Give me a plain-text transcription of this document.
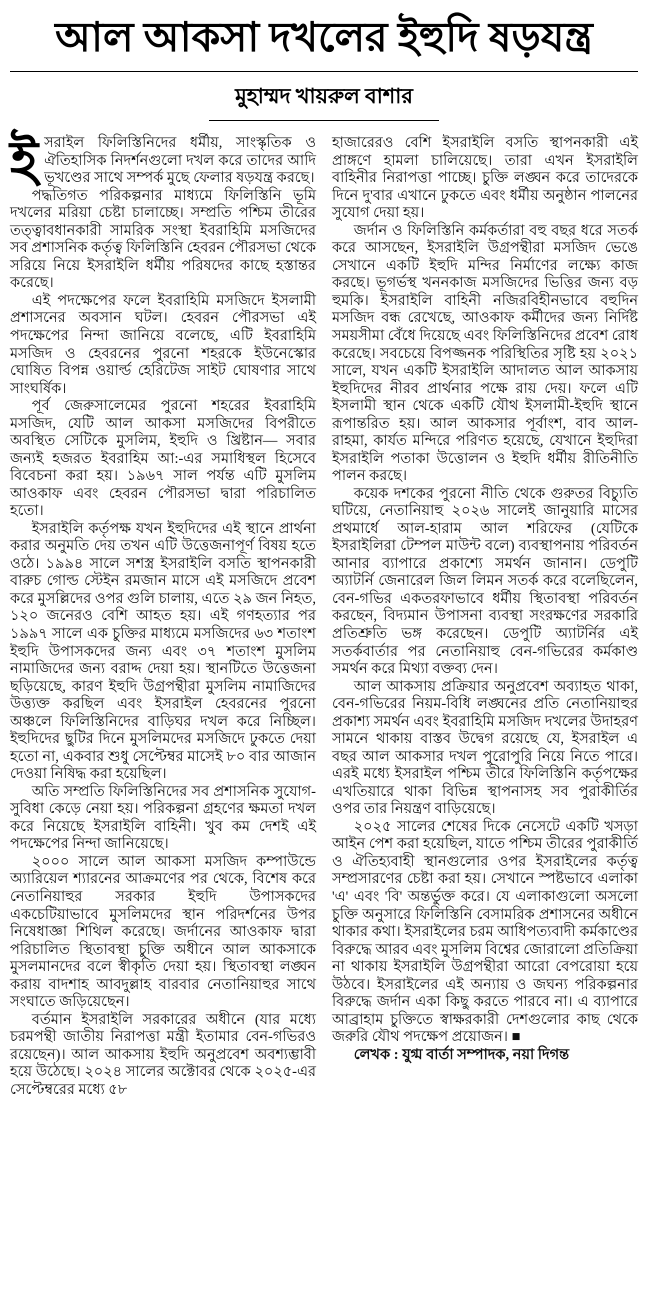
আল আকসা দখলের ইহুদি ষড়যন্ত্র
মুহাম্মদ খায়রুল বাশার

ইসরাইল ফিলিস্তিনিদের ধর্মীয়, সাংস্কৃতিক ও ঐতিহাসিক নিদর্শনগুলো দখল করে তাদের আদি ভূখণ্ডের সাথে সম্পর্ক মুছে ফেলার ষড়যন্ত্র করছে।

পদ্ধতিগত পরিকল্পনার মাধ্যমে ফিলিস্তিনি ভূমি দখলের মরিয়া চেষ্টা চালাচ্ছে। সম্প্রতি পশ্চিম তীরের তত্ত্বাবধানকারী সামরিক সংস্থা ইবরাহিমি মসজিদের সব প্রশাসনিক কর্তৃত্ব ফিলিস্তিনি হেবরন পৌরসভা থেকে সরিয়ে নিয়ে ইসরাইলি ধর্মীয় পরিষদের কাছে হস্তান্তর করেছে।

এই পদক্ষেপের ফলে ইবরাহিমি মসজিদে ইসলামী প্রশাসনের অবসান ঘটল। হেবরন পৌরসভা এই পদক্ষেপের নিন্দা জানিয়ে বলেছে, এটি ইবরাহিমি মসজিদ ও হেবরনের পুরনো শহরকে ইউনেস্কোর ঘোষিত বিপন্ন ওয়ার্ল্ড হেরিটেজ সাইট ঘোষণার সাথে সাংঘর্ষিক।

পূর্ব জেরুসালেমের পুরনো শহরের ইবরাহিমি মসজিদ, যেটি আল আকসা মসজিদের বিপরীতে অবস্থিত সেটিকে মুসলিম, ইহুদি ও খ্রিষ্টান— সবার জন্যই হজরত ইবরাহিম আ:-এর সমাধিস্থল হিসেবে বিবেচনা করা হয়। ১৯৬৭ সাল পর্যন্ত এটি মুসলিম আওকাফ এবং হেবরন পৌরসভা দ্বারা পরিচালিত হতো।

ইসরাইলি কর্তৃপক্ষ যখন ইহুদিদের এই স্থানে প্রার্থনা করার অনুমতি দেয় তখন এটি উত্তেজনাপূর্ণ বিষয় হতে ওঠে। ১৯৯৪ সালে সশস্ত্র ইসরাইলি বসতি স্থাপনকারী বারুচ গোল্ড স্টেইন রমজান মাসে এই মসজিদে প্রবেশ করে মুসল্লিদের ওপর গুলি চালায়, এতে ২৯ জন নিহত, ১২০ জনেরও বেশি আহত হয়। এই গণহত্যার পর ১৯৯৭ সালে এক চুক্তির মাধ্যমে মসজিদের ৬৩ শতাংশ ইহুদি উপাসকদের জন্য এবং ৩৭ শতাংশ মুসলিম নামাজিদের জন্য বরাদ্দ দেয়া হয়। স্থানটিতে উত্তেজনা ছড়িয়েছে, কারণ ইহুদি উগ্রপন্থীরা মুসলিম নামাজিদের উত্ত্যক্ত করছিল এবং ইসরাইল হেবরনের পুরনো অঞ্চলে ফিলিস্তিনিদের বাড়িঘর দখল করে নিচ্ছিল। ইহুদিদের ছুটির দিনে মুসলিমদের মসজিদে ঢুকতে দেয়া হতো না, একবার শুধু সেপ্টেম্বর মাসেই ৮০ বার আজান দেওয়া নিষিদ্ধ করা হয়েছিল।

অতি সম্প্রতি ফিলিস্তিনিদের সব প্রশাসনিক সুযোগ-সুবিধা কেড়ে নেয়া হয়। পরিকল্পনা গ্রহণের ক্ষমতা দখল করে নিয়েছে ইসরাইলি বাহিনী। খুব কম দেশই এই পদক্ষেপের নিন্দা জানিয়েছে।

২০০০ সালে আল আকসা মসজিদ কম্পাউন্ডে অ্যারিয়েল শ্যারনের আক্রমণের পর থেকে, বিশেষ করে নেতানিয়াহুর সরকার ইহুদি উপাসকদের একচেটিয়াভাবে মুসলিমদের স্থান পরিদর্শনের উপর নিষেধাজ্ঞা শিথিল করেছে। জর্দানের আওকাফ দ্বারা পরিচালিত স্থিতাবস্থা চুক্তি অধীনে আল আকসাকে মুসলমানদের বলে স্বীকৃতি দেয়া হয়। স্থিতাবস্থা লঙ্ঘন করায় বাদশাহ আবদুল্লাহ বারবার নেতানিয়াহুর সাথে সংঘাতে জড়িয়েছেন।

বর্তমান ইসরাইলি সরকারের অধীনে (যার মধ্যে চরমপন্থী জাতীয় নিরাপত্তা মন্ত্রী ইতামার বেন-গভিরও রয়েছেন)। আল আকসায় ইহুদি অনুপ্রবেশ অবশ্যম্ভাবী হয়ে উঠেছে। ২০২৪ সালের অক্টোবর থেকে ২০২৫-এর সেপ্টেম্বরের মধ্যে ৫৮

হাজারেরও বেশি ইসরাইলি বসতি স্থাপনকারী এই প্রাঙ্গণে হামলা চালিয়েছে। তারা এখন ইসরাইলি বাহিনীর নিরাপত্তা পাচ্ছে। চুক্তি লঙ্ঘন করে তাদেরকে দিনে দু'বার এখানে ঢুকতে এবং ধর্মীয় অনুষ্ঠান পালনের সুযোগ দেয়া হয়।

জর্দান ও ফিলিস্তিনি কর্মকর্তারা বহু বছর ধরে সতর্ক করে আসছেন, ইসরাইলি উগ্রপন্থীরা মসজিদ ভেঙে সেখানে একটি ইহুদি মন্দির নির্মাণের লক্ষ্যে কাজ করছে। ভূগর্ভস্থ খননকাজ মসজিদের ভিত্তির জন্য বড় হুমকি। ইসরাইলি বাহিনী নজিরবিহীনভাবে বহুদিন মসজিদ বন্ধ রেখেছে, আওকাফ কর্মীদের জন্য নির্দিষ্ট সময়সীমা বেঁধে দিয়েছে এবং ফিলিস্তিনিদের প্রবেশ রোধ করেছে। সবচেয়ে বিপজ্জনক পরিস্থিতির সৃষ্টি হয় ২০২১ সালে, যখন একটি ইসরাইলি আদালত আল আকসায় ইহুদিদের নীরব প্রার্থনার পক্ষে রায় দেয়। ফলে এটি ইসলামী স্থান থেকে একটি যৌথ ইসলামী-ইহুদি স্থানে রূপান্তরিত হয়। আল আকসার পূর্বাংশ, বাব আল-রাহমা, কার্যত মন্দিরে পরিণত হয়েছে, যেখানে ইহুদিরা ইসরাইলি পতাকা উত্তোলন ও ইহুদি ধর্মীয় রীতিনীতি পালন করছে।

কয়েক দশকের পুরনো নীতি থেকে গুরুতর বিচ্যুতি ঘটিয়ে, নেতানিয়াহু ২০২৬ সালেই জানুয়ারি মাসের প্রথমার্ধে আল-হারাম আল শরিফের (যেটিকে ইসরাইলিরা টেম্পল মাউন্ট বলে) ব্যবস্থাপনায় পরিবর্তন আনার ব্যাপারে প্রকাশ্যে সমর্থন জানান। ডেপুটি অ্যাটর্নি জেনারেল জিল লিমন সতর্ক করে বলেছিলেন, বেন-গভির একতরফাভাবে ধর্মীয় স্থিতাবস্থা পরিবর্তন করছেন, বিদ্যমান উপাসনা ব্যবস্থা সংরক্ষণের সরকারি প্রতিশ্রুতি ভঙ্গ করেছেন। ডেপুটি অ্যাটর্নির এই সতর্কবার্তার পর নেতানিয়াহু বেন-গভিরের কর্মকাণ্ড সমর্থন করে মিথ্যা বক্তব্য দেন।

আল আকসায় প্রক্রিয়ার অনুপ্রবেশ অব্যাহত থাকা, বেন-গভিরের নিয়ম-বিধি লঙ্ঘনের প্রতি নেতানিয়াহুর প্রকাশ্য সমর্থন এবং ইবরাহিমি মসজিদ দখলের উদাহরণ সামনে থাকায় বাস্তব উদ্বেগ রয়েছে যে, ইসরাইল এ বছর আল আকসার দখল পুরোপুরি নিয়ে নিতে পারে। এরই মধ্যে ইসরাইল পশ্চিম তীরে ফিলিস্তিনি কর্তৃপক্ষের এখতিয়ারে থাকা বিভিন্ন স্থাপনাসহ সব পুরাকীর্তির ওপর তার নিয়ন্ত্রণ বাড়িয়েছে।

২০২৫ সালের শেষের দিকে নেসেটে একটি খসড়া আইন পেশ করা হয়েছিল, যাতে পশ্চিম তীরের পুরাকীর্তি ও ঐতিহ্যবাহী স্থানগুলোর ওপর ইসরাইলের কর্তৃত্ব সম্প্রসারণের চেষ্টা করা হয়। সেখানে স্পষ্টভাবে এলাকা 'এ' এবং 'বি' অন্তর্ভুক্ত করে। যে এলাকাগুলো অসলো চুক্তি অনুসারে ফিলিস্তিনি বেসামরিক প্রশাসনের অধীনে থাকার কথা। ইসরাইলের চরম আধিপত্যবাদী কর্মকাণ্ডের বিরুদ্ধে আরব এবং মুসলিম বিশ্বের জোরালো প্রতিক্রিয়া না থাকায় ইসরাইলি উগ্রপন্থীরা আরো বেপরোয়া হয়ে উঠবে। ইসরাইলের এই অন্যায় ও জঘন্য পরিকল্পনার বিরুদ্ধে জর্দান একা কিছু করতে পারবে না। এ ব্যাপারে আব্রাহাম চুক্তিতে স্বাক্ষরকারী দেশগুলোর কাছ থেকে জরুরি যৌথ পদক্ষেপ প্রয়োজন। ■

লেখক : যুগ্ম বার্তা সম্পাদক, নয়া দিগন্ত
